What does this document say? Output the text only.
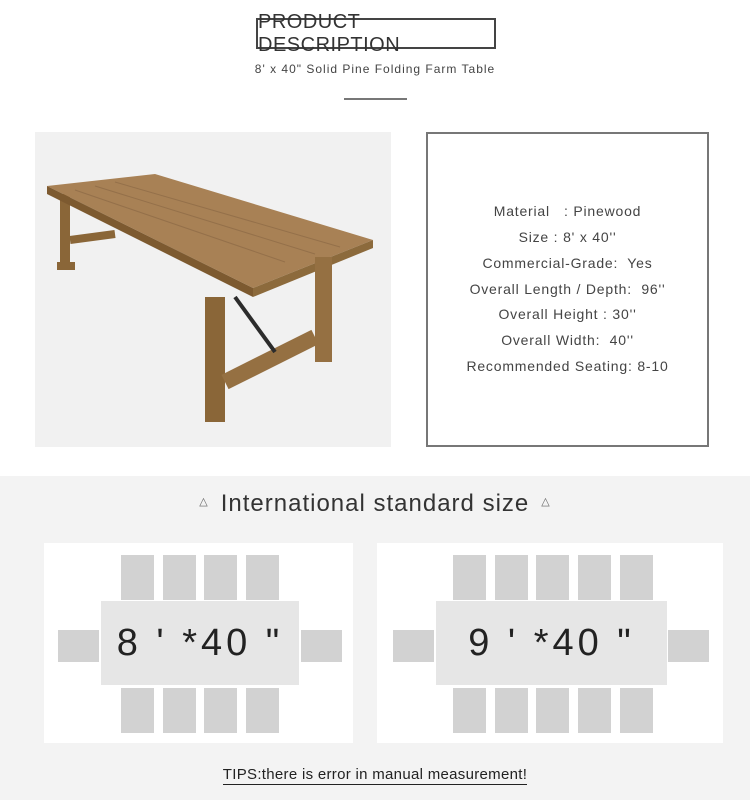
PRODUCT DESCRIPTION
8' x 40" Solid Pine Folding Farm Table
Material   : Pinewood
Size : 8' x 40''
Commercial-Grade:  Yes
Overall Length / Depth:  96''
Overall Height : 30''
Overall Width:  40''
Recommended Seating: 8-10
△ International standard size △
8 ' *40 "	9 ' *40 "
TIPS:there is error in manual measurement!
